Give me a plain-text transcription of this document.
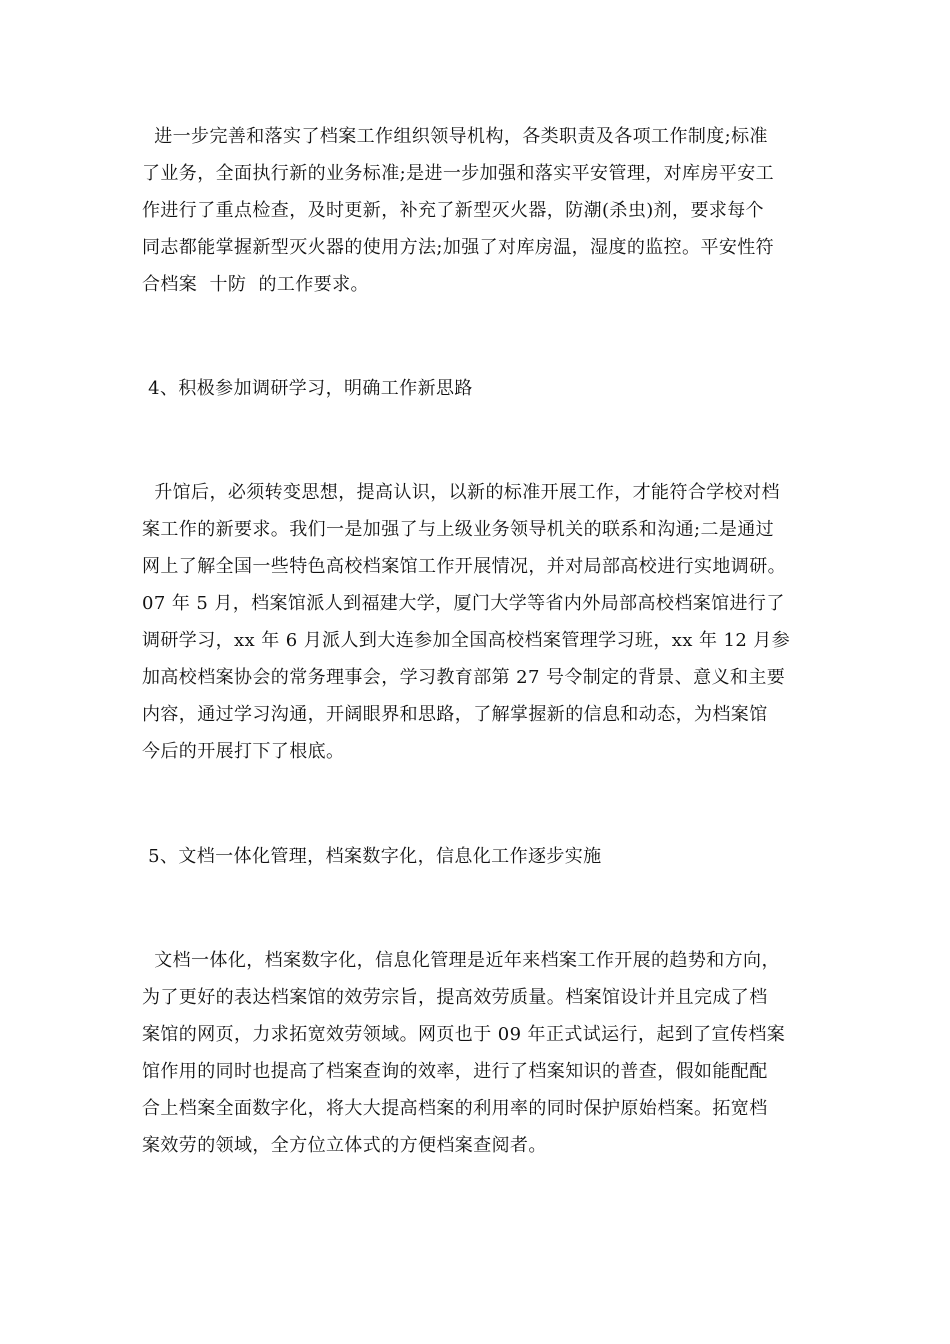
进一步完善和落实了档案工作组织领导机构，各类职责及各项工作制度;标准
了业务，全面执行新的业务标准;是进一步加强和落实平安管理，对库房平安工
作进行了重点检查，及时更新，补充了新型灭火器，防潮(杀虫)剂，要求每个
同志都能掌握新型灭火器的使用方法;加强了对库房温，湿度的监控。平安性符
合档案  十防  的工作要求。
4、积极参加调研学习，明确工作新思路
升馆后，必须转变思想，提高认识，以新的标准开展工作，才能符合学校对档
案工作的新要求。我们一是加强了与上级业务领导机关的联系和沟通;二是通过
网上了解全国一些特色高校档案馆工作开展情况，并对局部高校进行实地调研。
07 年 5 月，档案馆派人到福建大学，厦门大学等省内外局部高校档案馆进行了
调研学习，xx 年 6 月派人到大连参加全国高校档案管理学习班，xx 年 12 月参
加高校档案协会的常务理事会，学习教育部第 27 号令制定的背景、意义和主要
内容，通过学习沟通，开阔眼界和思路，了解掌握新的信息和动态，为档案馆
今后的开展打下了根底。
5、文档一体化管理，档案数字化，信息化工作逐步实施
文档一体化，档案数字化，信息化管理是近年来档案工作开展的趋势和方向，
为了更好的表达档案馆的效劳宗旨，提高效劳质量。档案馆设计并且完成了档
案馆的网页，力求拓宽效劳领域。网页也于 09 年正式试运行，起到了宣传档案
馆作用的同时也提高了档案查询的效率，进行了档案知识的普查，假如能配配
合上档案全面数字化，将大大提高档案的利用率的同时保护原始档案。拓宽档
案效劳的领域，全方位立体式的方便档案查阅者。
